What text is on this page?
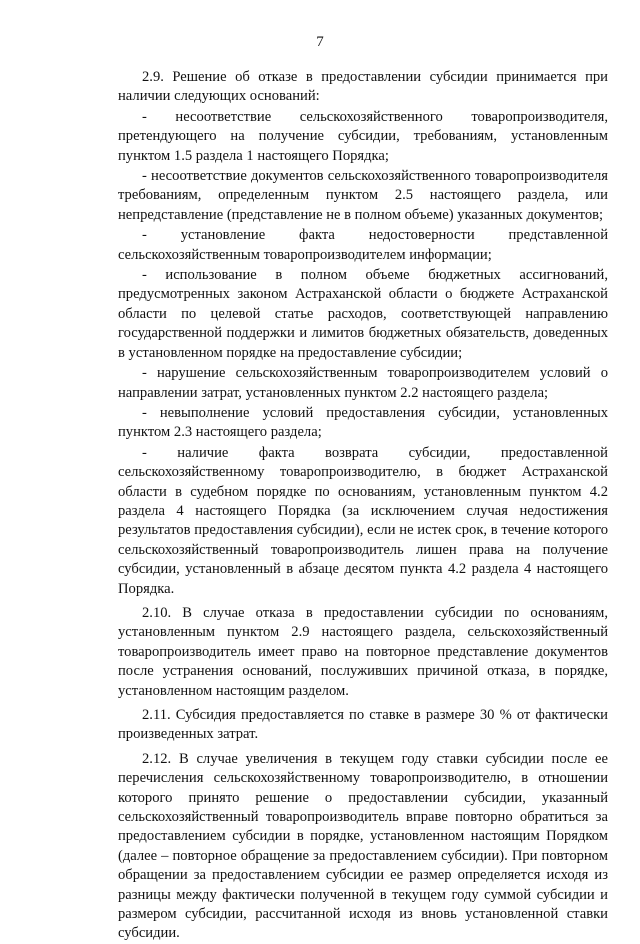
7

2.9. Решение об отказе в предоставлении субсидии принимается при наличии следующих оснований:

- несоответствие сельскохозяйственного товаропроизводителя, претендующего на получение субсидии, требованиям, установленным пунктом 1.5 раздела 1 настоящего Порядка;

- несоответствие документов сельскохозяйственного товаропроизводителя требованиям, определенным пунктом 2.5 настоящего раздела, или непредставление (представление не в полном объеме) указанных документов;

- установление факта недостоверности представленной сельскохозяйственным товаропроизводителем информации;

- использование в полном объеме бюджетных ассигнований, предусмотренных законом Астраханской области о бюджете Астраханской области по целевой статье расходов, соответствующей направлению государственной поддержки и лимитов бюджетных обязательств, доведенных в установленном порядке на предоставление субсидии;

- нарушение сельскохозяйственным товаропроизводителем условий о направлении затрат, установленных пунктом 2.2 настоящего раздела;

- невыполнение условий предоставления субсидии, установленных пунктом 2.3 настоящего раздела;

- наличие факта возврата субсидии, предоставленной сельскохозяйственному товаропроизводителю, в бюджет Астраханской области в судебном порядке по основаниям, установленным пунктом 4.2 раздела 4 настоящего Порядка (за исключением случая недостижения результатов предоставления субсидии), если не истек срок, в течение которого сельскохозяйственный товаропроизводитель лишен права на получение субсидии, установленный в абзаце десятом пункта 4.2 раздела 4 настоящего Порядка.

2.10. В случае отказа в предоставлении субсидии по основаниям, установленным пунктом 2.9 настоящего раздела, сельскохозяйственный товаропроизводитель имеет право на повторное представление документов после устранения оснований, послуживших причиной отказа, в порядке, установленном настоящим разделом.

2.11. Субсидия предоставляется по ставке в размере 30 % от фактически произведенных затрат.

2.12. В случае увеличения в текущем году ставки субсидии после ее перечисления сельскохозяйственному товаропроизводителю, в отношении которого принято решение о предоставлении субсидии, указанный сельскохозяйственный товаропроизводитель вправе повторно обратиться за предоставлением субсидии в порядке, установленном настоящим Порядком (далее – повторное обращение за предоставлением субсидии). При повторном обращении за предоставлением субсидии ее размер определяется исходя из разницы между фактически полученной в текущем году суммой субсидии и размером субсидии, рассчитанной исходя из вновь установленной ставки субсидии.
